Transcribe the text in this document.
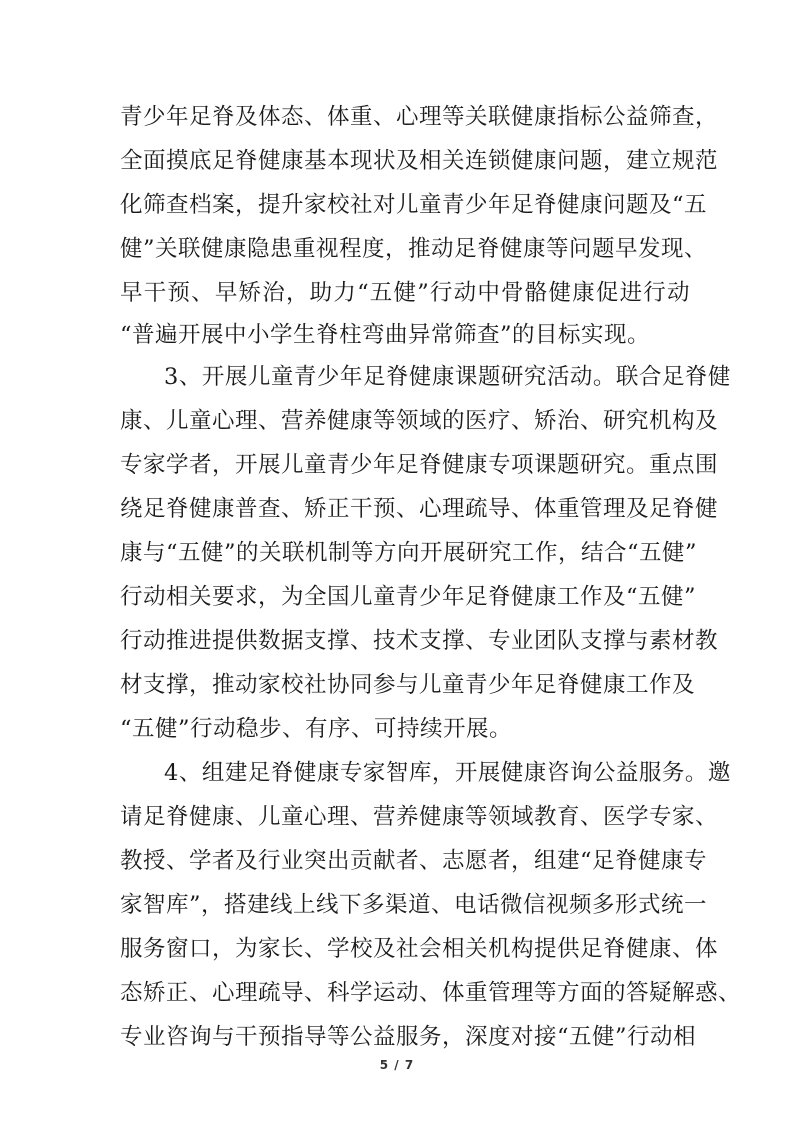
青少年足脊及体态、体重、心理等关联健康指标公益筛查，
全面摸底足脊健康基本现状及相关连锁健康问题，建立规范
化筛查档案，提升家校社对儿童青少年足脊健康问题及“五
健”关联健康隐患重视程度，推动足脊健康等问题早发现、
早干预、早矫治，助力“五健”行动中骨骼健康促进行动
“普遍开展中小学生脊柱弯曲异常筛查”的目标实现。
3、开展儿童青少年足脊健康课题研究活动。联合足脊健
康、儿童心理、营养健康等领域的医疗、矫治、研究机构及
专家学者，开展儿童青少年足脊健康专项课题研究。重点围
绕足脊健康普查、矫正干预、心理疏导、体重管理及足脊健
康与“五健”的关联机制等方向开展研究工作，结合“五健”
行动相关要求，为全国儿童青少年足脊健康工作及“五健”
行动推进提供数据支撑、技术支撑、专业团队支撑与素材教
材支撑，推动家校社协同参与儿童青少年足脊健康工作及
“五健”行动稳步、有序、可持续开展。
4、组建足脊健康专家智库，开展健康咨询公益服务。邀
请足脊健康、儿童心理、营养健康等领域教育、医学专家、
教授、学者及行业突出贡献者、志愿者，组建“足脊健康专
家智库”，搭建线上线下多渠道、电话微信视频多形式统一
服务窗口，为家长、学校及社会相关机构提供足脊健康、体
态矫正、心理疏导、科学运动、体重管理等方面的答疑解惑、
专业咨询与干预指导等公益服务，深度对接“五健”行动相
5 / 7
